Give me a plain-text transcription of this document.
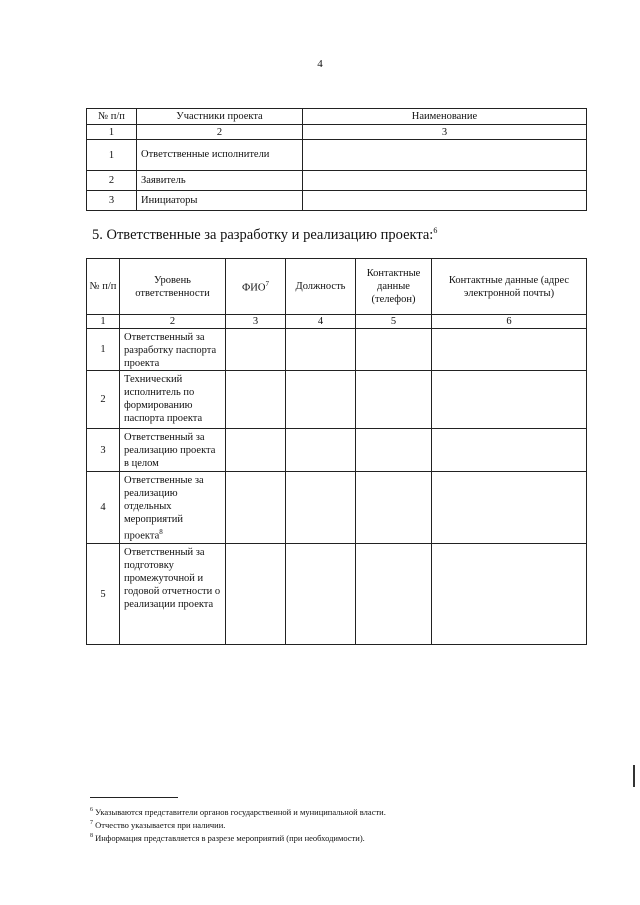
4
№ п/п	Участники проекта	Наименование
1	2	3
1	Ответственные исполнители	
2	Заявитель	
3	Инициаторы	
5. Ответственные за разработку и реализацию проекта:$^6$
№ п/п	Уровень ответственности	ФИО$^7$	Должность	Контактные данные (телефон)	Контактные данные (адрес электронной почты)
1	2	3	4	5	6
1	Ответственный за разработку паспорта проекта				
2	Технический исполнитель по формированию паспорта проекта				
3	Ответственный за реализацию проекта в целом				
4	Ответственные за реализацию отдельных мероприятий проекта$^8$				
5	Ответственный за подготовку промежуточной и годовой отчетности о реализации проекта				
$^6$ Указываются представители органов государственной и муниципальной власти.
$^7$ Отчество указывается при наличии.
$^8$ Информация представляется в разрезе мероприятий (при необходимости).
